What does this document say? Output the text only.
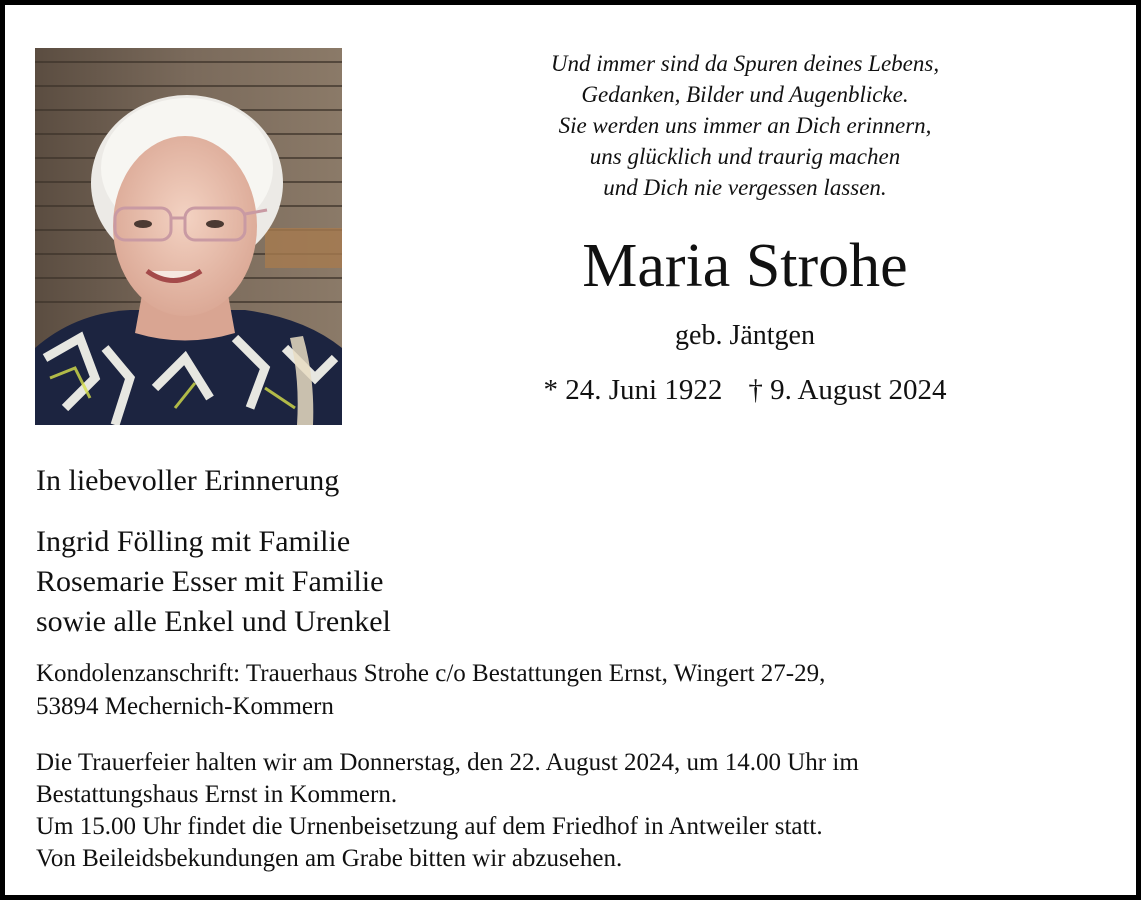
Und immer sind da Spuren deines Lebens,
Gedanken, Bilder und Augenblicke.
Sie werden uns immer an Dich erinnern,
uns glücklich und traurig machen
und Dich nie vergessen lassen.
Maria Strohe
geb. Jäntgen
* 24. Juni 1922 † 9. August 2024
In liebevoller Erinnerung
Ingrid Fölling mit Familie
Rosemarie Esser mit Familie
sowie alle Enkel und Urenkel
Kondolenzanschrift: Trauerhaus Strohe c/o Bestattungen Ernst, Wingert 27-29,
53894 Mechernich-Kommern
Die Trauerfeier halten wir am Donnerstag, den 22. August 2024, um 14.00 Uhr im
Bestattungshaus Ernst in Kommern.
Um 15.00 Uhr findet die Urnenbeisetzung auf dem Friedhof in Antweiler statt.
Von Beileidsbekundungen am Grabe bitten wir abzusehen.
